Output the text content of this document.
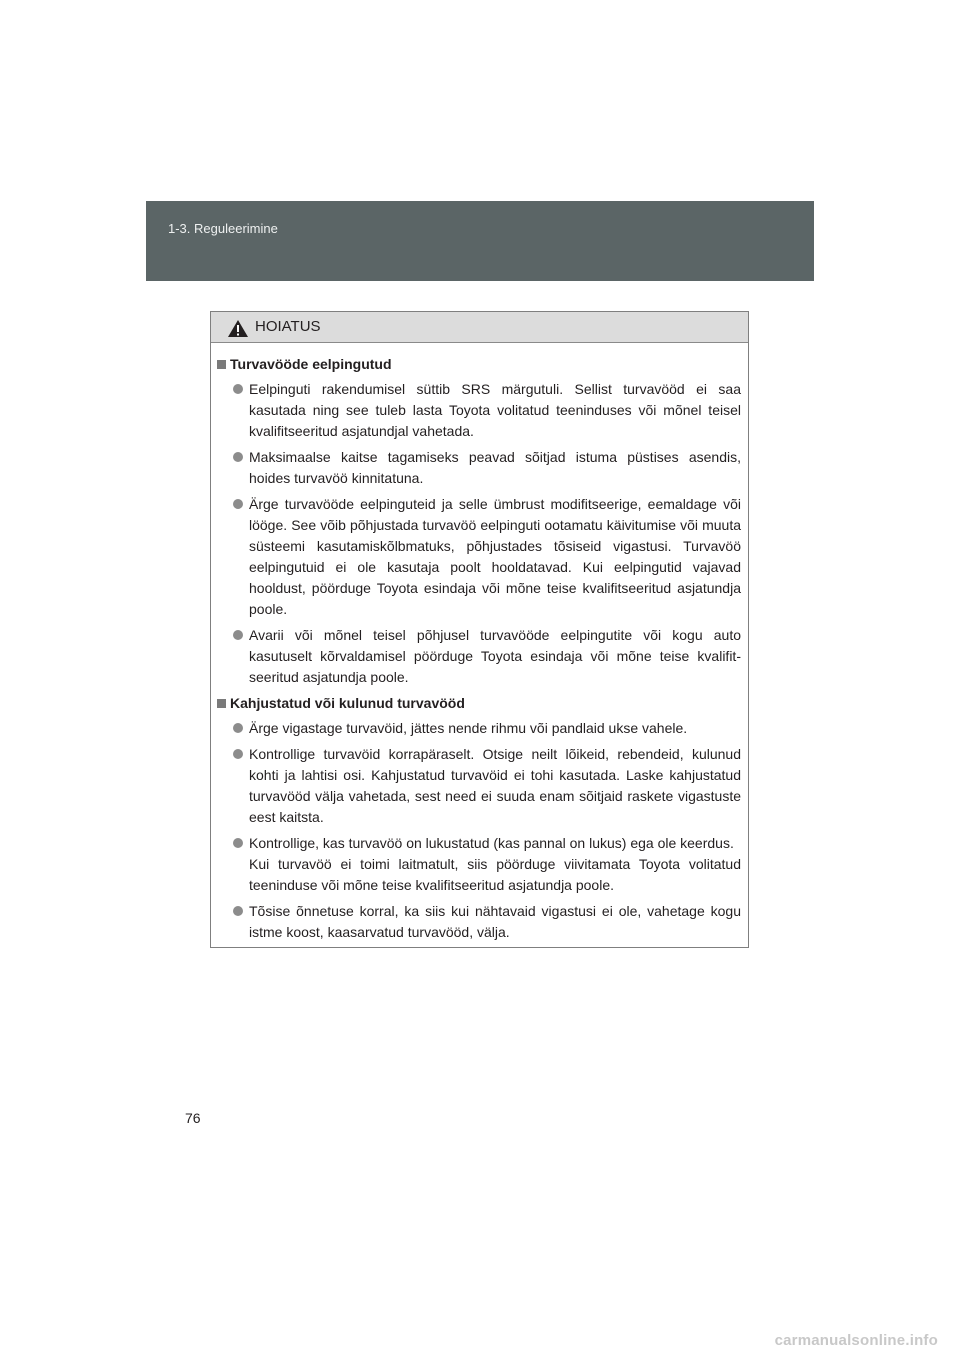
1-3. Reguleerimine
HOIATUS
Turvavööde eelpingutud
Eelpinguti rakendumisel süttib SRS märgutuli. Sellist turvavööd ei saa kasutada ning see tuleb lasta Toyota volitatud teeninduses või mõnel teisel kvalifitseeritud asjatundjal vahetada.
Maksimaalse kaitse tagamiseks peavad sõitjad istuma püstises asendis, hoides turvavöö kinnitatuna.
Ärge turvavööde eelpinguteid ja selle ümbrust modifitseerige, eemaldage või lööge. See võib põhjustada turvavöö eelpinguti ootamatu käivitumise või muuta süsteemi kasutamiskõlbmatuks, põhjustades tõsiseid vigastusi. Turvavöö eelpingutuid ei ole kasutaja poolt hooldatavad. Kui eelpingutid vajavad hooldust, pöörduge Toyota esindaja või mõne teise kvalifitseeritud asjatundja poole.
Avarii või mõnel teisel põhjusel turvavööde eelpingutite või kogu auto kasutuselt kõrvaldamisel pöörduge Toyota esindaja või mõne teise kvalifitseeritud asjatundja poole.
Kahjustatud või kulunud turvavööd
Ärge vigastage turvavöid, jättes nende rihmu või pandlaid ukse vahele.
Kontrollige turvavöid korrapäraselt. Otsige neilt lõikeid, rebendeid, kulunud kohti ja lahtisi osi. Kahjustatud turvavöid ei tohi kasutada. Laske kahjustatud turvavööd välja vahetada, sest need ei suuda enam sõitjaid raskete vigastuste eest kaitsta.
Kontrollige, kas turvavöö on lukustatud (kas pannal on lukus) ega ole keerdus.
Kui turvavöö ei toimi laitmatult, siis pöörduge viivitamata Toyota volitatud teeninduse või mõne teise kvalifitseeritud asjatundja poole.
Tõsise õnnetuse korral, ka siis kui nähtavaid vigastusi ei ole, vahetage kogu istme koost, kaasarvatud turvavööd, välja.
76
carmanualsonline.info
